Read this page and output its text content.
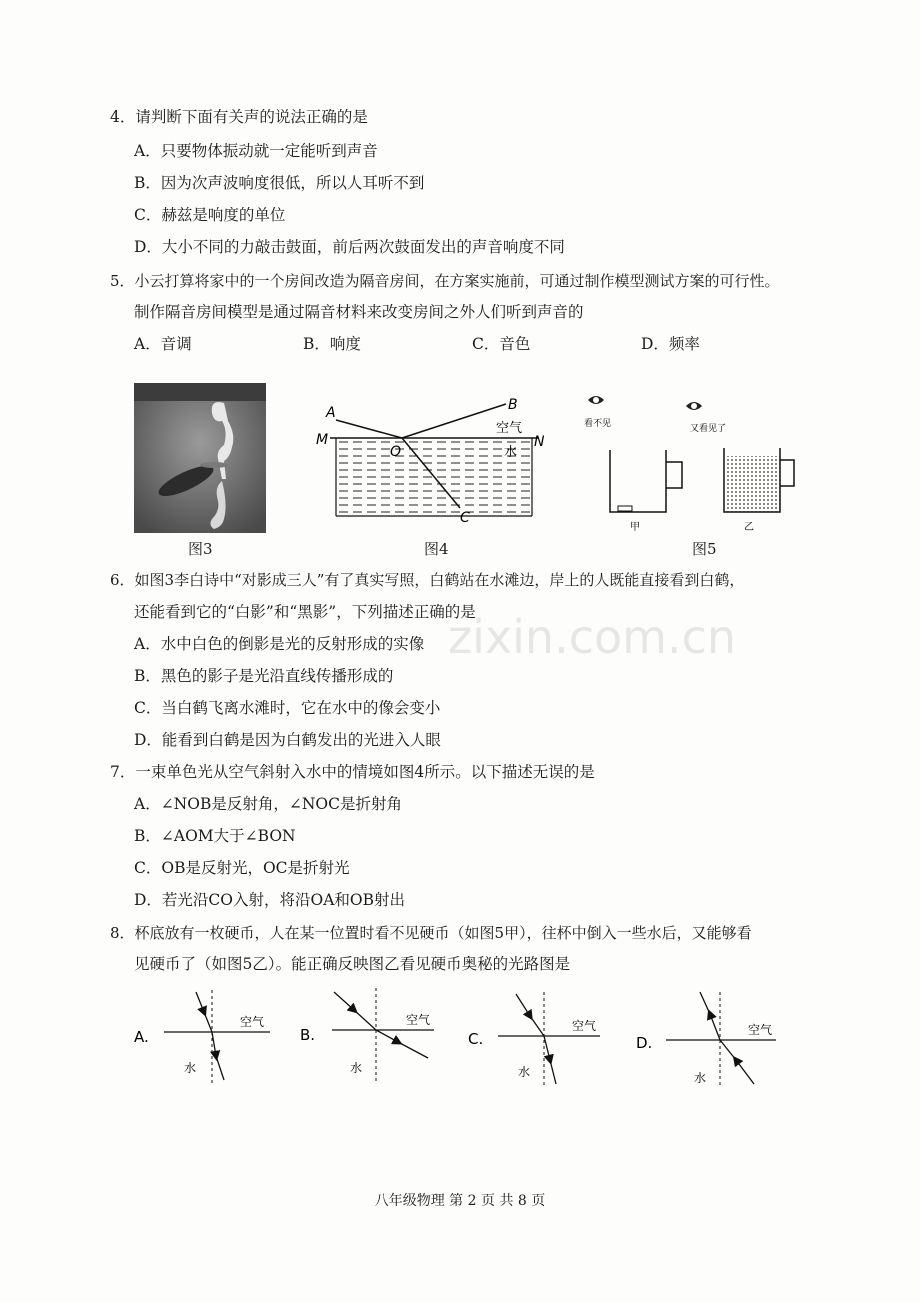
4．请判断下面有关声的说法正确的是
A．只要物体振动就一定能听到声音
B．因为次声波响度很低，所以人耳听不到
C．赫兹是响度的单位
D．大小不同的力敲击鼓面，前后两次鼓面发出的声音响度不同
5．小云打算将家中的一个房间改造为隔音房间，在方案实施前，可通过制作模型测试方案的可行性。
制作隔音房间模型是通过隔音材料来改变房间之外人们听到声音的
A．音调	B．响度	C．音色	D．频率
图3
A	B
C
M	N
O
空气
水
图4
看不见	又看见了
甲	乙
图5
6．如图3李白诗中“对影成三人”有了真实写照，白鹤站在水滩边，岸上的人既能直接看到白鹤，
还能看到它的“白影”和“黑影”，下列描述正确的是
A．水中白色的倒影是光的反射形成的实像
B．黑色的影子是光沿直线传播形成的
C．当白鹤飞离水滩时，它在水中的像会变小
D．能看到白鹤是因为白鹤发出的光进入人眼
zixin.com.cn
7．一束单色光从空气斜射入水中的情境如图4所示。以下描述无误的是
A．∠NOB是反射角，∠NOC是折射角
B．∠AOM大于∠BON
C．OB是反射光，OC是折射光
D．若光沿CO入射，将沿OA和OB射出
8．杯底放有一枚硬币，人在某一位置时看不见硬币（如图5甲），往杯中倒入一些水后，又能够看
见硬币了（如图5乙）。能正确反映图乙看见硬币奥秘的光路图是
A.
空气
水
B.
空气
水
C.
空气
水
D.
空气
水
八年级物理 第 2 页 共 8 页
